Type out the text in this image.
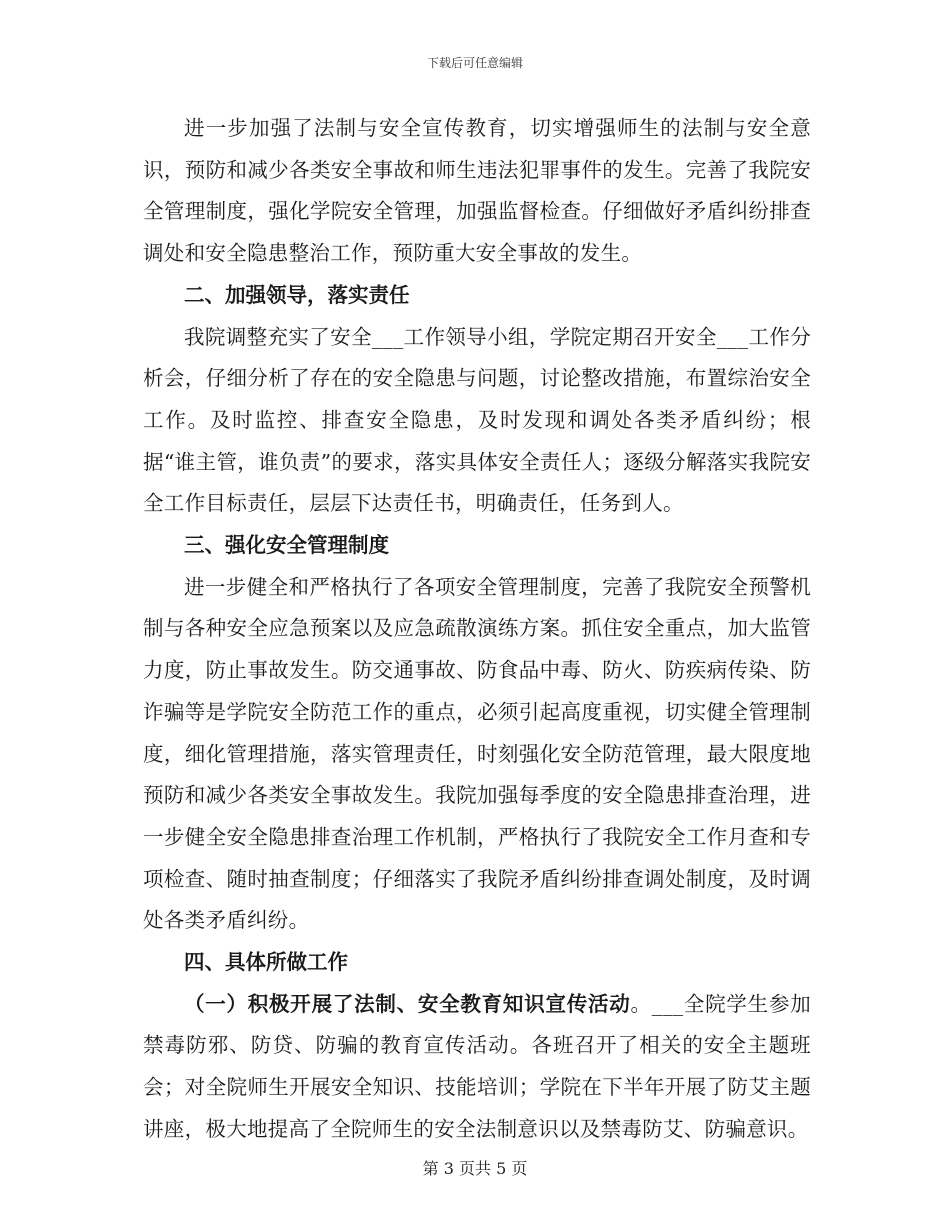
下载后可任意编辑

进一步加强了法制与安全宣传教育，切实增强师生的法制与安全意识，预防和减少各类安全事故和师生违法犯罪事件的发生。完善了我院安全管理制度，强化学院安全管理，加强监督检查。仔细做好矛盾纠纷排查调处和安全隐患整治工作，预防重大安全事故的发生。

二、加强领导，落实责任

我院调整充实了安全___工作领导小组，学院定期召开安全___工作分析会，仔细分析了存在的安全隐患与问题，讨论整改措施，布置综治安全工作。及时监控、排查安全隐患，及时发现和调处各类矛盾纠纷；根据“谁主管，谁负责”的要求，落实具体安全责任人；逐级分解落实我院安全工作目标责任，层层下达责任书，明确责任，任务到人。

三、强化安全管理制度

进一步健全和严格执行了各项安全管理制度，完善了我院安全预警机制与各种安全应急预案以及应急疏散演练方案。抓住安全重点，加大监管力度，防止事故发生。防交通事故、防食品中毒、防火、防疾病传染、防诈骗等是学院安全防范工作的重点，必须引起高度重视，切实健全管理制度，细化管理措施，落实管理责任，时刻强化安全防范管理，最大限度地预防和减少各类安全事故发生。我院加强每季度的安全隐患排查治理，进一步健全安全隐患排查治理工作机制，严格执行了我院安全工作月查和专项检查、随时抽查制度；仔细落实了我院矛盾纠纷排查调处制度，及时调处各类矛盾纠纷。

四、具体所做工作

（一）积极开展了法制、安全教育知识宣传活动。___全院学生参加禁毒防邪、防贷、防骗的教育宣传活动。各班召开了相关的安全主题班会；对全院师生开展安全知识、技能培训；学院在下半年开展了防艾主题讲座，极大地提高了全院师生的安全法制意识以及禁毒防艾、防骗意识。

第 3 页共 5 页
